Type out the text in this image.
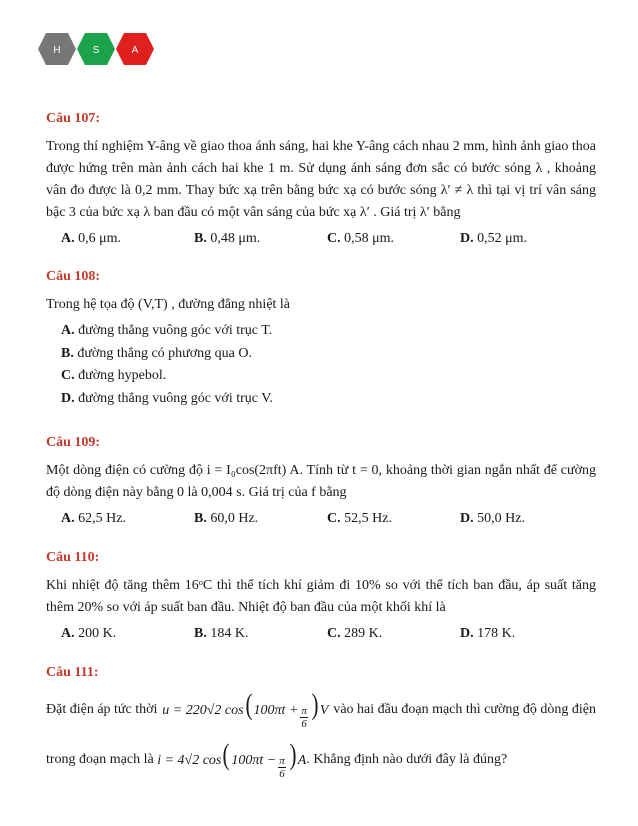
H	S	A
Câu 107:
Trong thí nghiệm Y-âng về giao thoa ánh sáng, hai khe Y-âng cách nhau 2 mm, hình ảnh giao thoa được hứng trên màn ảnh cách hai khe 1 m. Sử dụng ánh sáng đơn sắc có bước sóng λ , khoảng vân đo được là 0,2 mm. Thay bức xạ trên bằng bức xạ có bước sóng λ′ ≠ λ thì tại vị trí vân sáng bậc 3 của bức xạ λ ban đầu có một vân sáng của bức xạ λ′ . Giá trị λ′ bằng
A. 0,6 μm.	B. 0,48 μm.	C. 0,58 μm.	D. 0,52 μm.
Câu 108:
Trong hệ tọa độ (V,T) , đường đẳng nhiệt là
A. đường thẳng vuông góc với trục T.
B. đường thẳng có phương qua O.
C. đường hypebol.
D. đường thẳng vuông góc với trục V.
Câu 109:
Một dòng điện có cường độ i = I₀cos(2πft) A. Tính từ t = 0, khoảng thời gian ngắn nhất để cường độ dòng điện này bằng 0 là 0,004 s. Giá trị của f bằng
A. 62,5 Hz.	B. 60,0 Hz.	C. 52,5 Hz.	D. 50,0 Hz.
Câu 110:
Khi nhiệt độ tăng thêm 16ᵒC thì thể tích khí giảm đi 10% so với thể tích ban đầu, áp suất tăng thêm 20% so với áp suất ban đầu. Nhiệt độ ban đầu của một khối khí là
A. 200 K.	B. 184 K.	C. 289 K.	D. 178 K.
Câu 111:
Đặt điện áp tức thời u = 220√2 cos( $100\pi t + \frac{\pi}{6}$ ) V vào hai đầu đoạn mạch thì cường độ dòng điện
trong đoạn mạch là
i = 4√2 cos( $100\pi t - \frac{\pi}{6}$ ) A . Khẳng định nào dưới đây là đúng?
